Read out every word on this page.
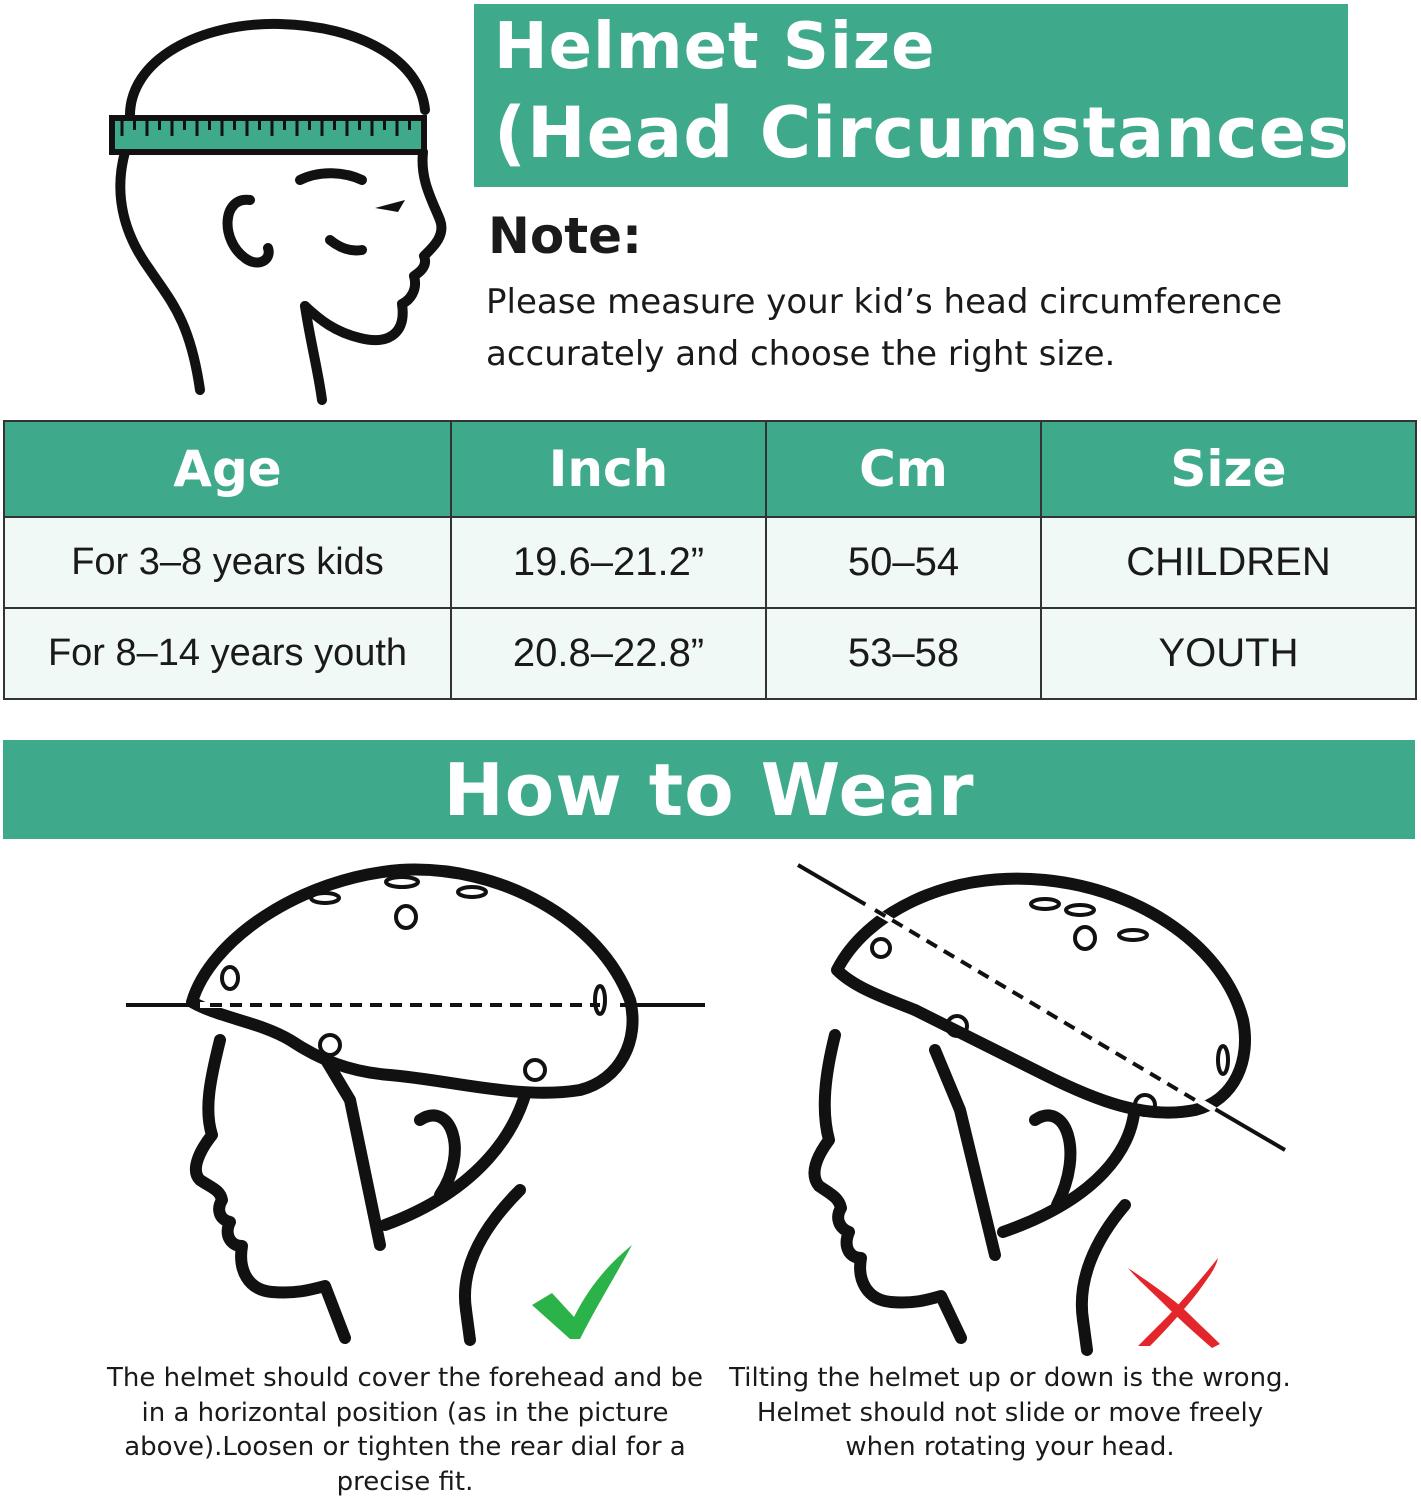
Helmet Size
(Head Circumstances)
Note:
Please measure your kid’s head circumference
accurately and choose the right size.
Age	Inch	Cm	Size
For 3–8 years kids	19.6–21.2”	50–54	CHILDREN
For 8–14 years youth	20.8–22.8”	53–58	YOUTH
How to Wear
The helmet should cover the forehead and be in a horizontal position (as in the picture above).Loosen or tighten the rear dial for a precise fit.
Tilting the helmet up or down is the wrong. Helmet should not slide or move freely when rotating your head.
